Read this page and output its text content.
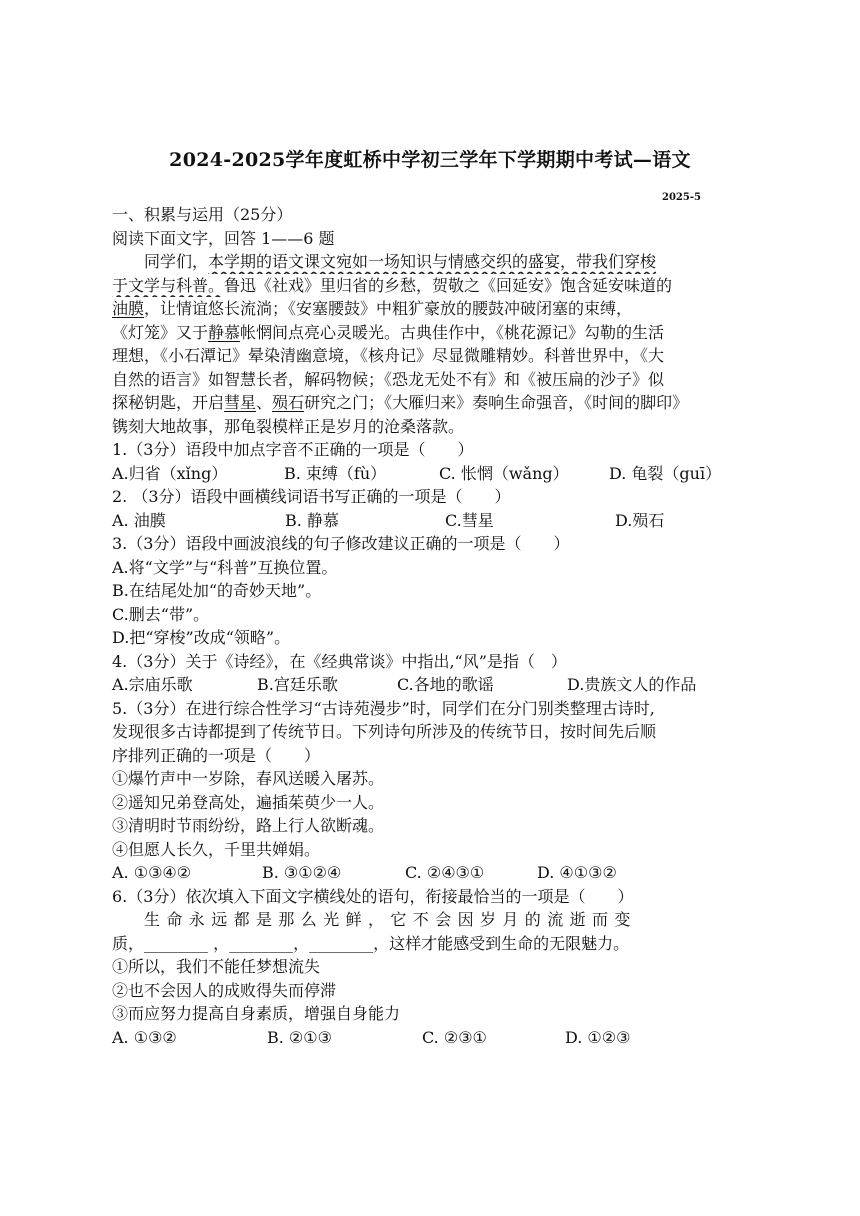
2024-2025学年度虹桥中学初三学年下学期期中考试—语文
2025-5
一、积累与运用（25分）
阅读下面文字，回答 1——6 题
同学们，本学期的语文课文宛如一场知识与情感交织的盛宴，带我们穿梭
于文学与科普。鲁迅《社戏》里归省的乡愁，贺敬之《回延安》饱含延安味道的
油膜，让情谊悠长流淌；《安塞腰鼓》中粗犷豪放的腰鼓冲破闭塞的束缚，
《灯笼》又于静慕帐惘间点亮心灵暖光。古典佳作中，《桃花源记》勾勒的生活
理想，《小石潭记》晕染清幽意境，《核舟记》尽显微雕精妙。科普世界中，《大
自然的语言》如智慧长者，解码物候；《恐龙无处不有》和《被压扁的沙子》似
探秘钥匙，开启彗星、殒石研究之门；《大雁归来》奏响生命强音，《时间的脚印》
镌刻大地故事，那龟裂模样正是岁月的沧桑落款。
1.（3分）语段中加点字音不正确的一项是（　　）
A.归省（xǐng）	B. 束缚（fù）	C. 怅惘（wǎng）	D. 龟裂（guī）
2. （3分）语段中画横线词语书写正确的一项是（　　）
A. 油膜	B. 静慕	C.彗星	D.殒石
3.（3分）语段中画波浪线的句子修改建议正确的一项是（　　）
A.将“文学”与“科普”互换位置。
B.在结尾处加“的奇妙天地”。
C.删去“带”。
D.把“穿梭”改成“领略”。
4.（3分）关于《诗经》，在《经典常谈》中指出,“风”是指（　）
A.宗庙乐歌	B.宫廷乐歌	C.各地的歌谣	D.贵族文人的作品
5.（3分）在进行综合性学习“古诗苑漫步”时，同学们在分门别类整理古诗时,
发现很多古诗都提到了传统节日。下列诗句所涉及的传统节日，按时间先后顺
序排列正确的一项是（　　）
①爆竹声中一岁除，春风送暖入屠苏。
②遥知兄弟登高处，遍插茱萸少一人。
③清明时节雨纷纷，路上行人欲断魂。
④但愿人长久，千里共婵娟。
A. ①③④②	B. ③①②④	C. ②④③①	D. ④①③②
6.（3分）依次填入下面文字横线处的语句，衔接最恰当的一项是（　　）
生命永远都是那么光鲜，它不会因岁月的流逝而变
质，________ ，________，________，这样才能感受到生命的无限魅力。
①所以，我们不能任梦想流失
②也不会因人的成败得失而停滞
③而应努力提高自身素质，增强自身能力
A. ①③②	B. ②①③	C. ②③①	D. ①②③
